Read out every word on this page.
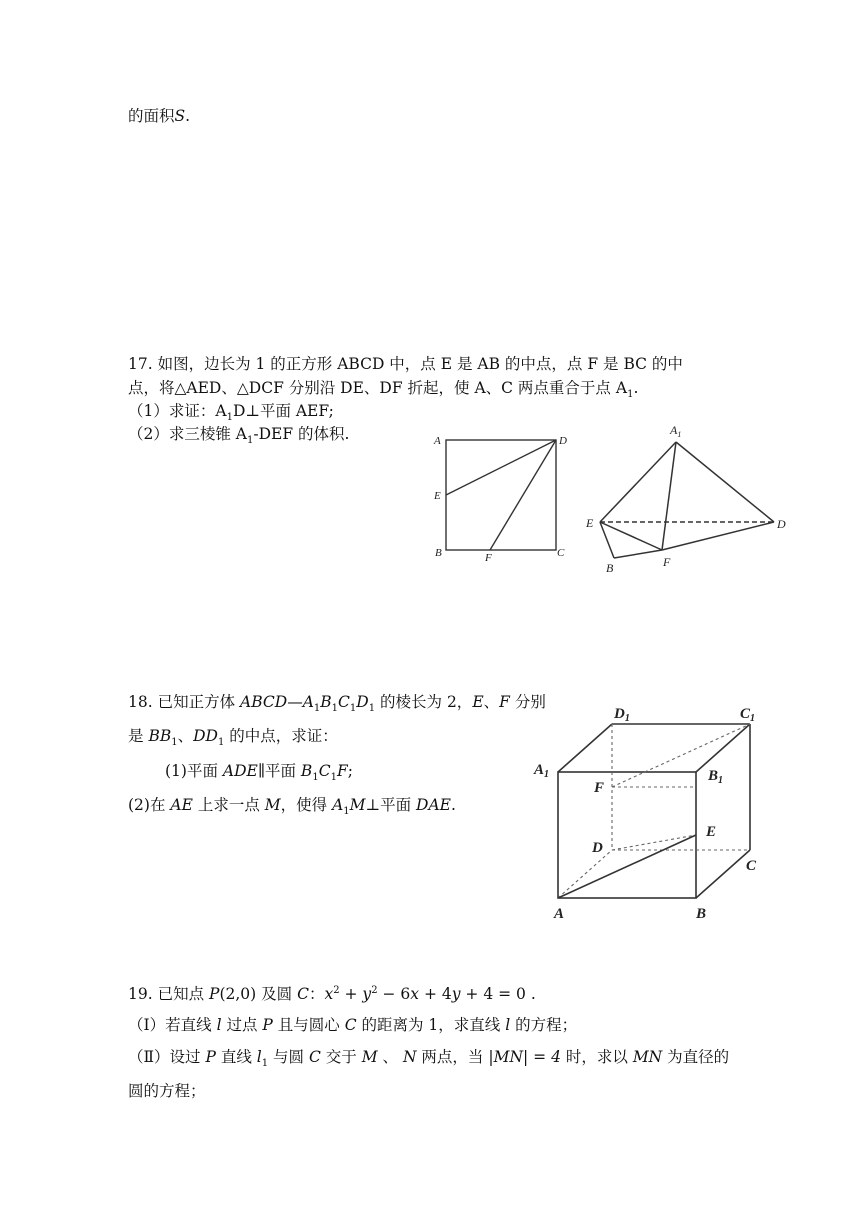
的面积S.
17. 如图，边长为 1 的正方形 ABCD 中，点 E 是 AB 的中点，点 F 是 BC 的中
点，将△AED、△DCF 分别沿 DE、DF 折起，使 A、C 两点重合于点 $A_1$.
（1）求证：$A_1D\perp$平面 AEF;
（2）求三棱锥 $A_1$-DEF 的体积.	A	D
E
B	F	C
$A_1$
E	D
B	F
18. 已知正方体 $ABCD—A_1B_1C_1D_1$ 的棱长为 2，E、F 分别
是 $BB_1$、$DD_1$ 的中点，求证：
(1)平面 ADE∥平面 $B_1C_1F$;
(2)在 AE 上求一点 M，使得 $A_1M\perp$平面 DAE.
$D_1$	$C_1$
$A_1$	$B_1$
F
E
D
C
A	B
19. 已知点 P(2,0) 及圆 C：$x^2 + y^2 - 6x + 4y + 4 = 0$ .
（Ⅰ）若直线 l 过点 P 且与圆心 C 的距离为 1，求直线 l 的方程；
（Ⅱ）设过 P 直线 $l_1$ 与圆 C 交于 M 、 N 两点，当 |MN| = 4 时，求以 MN 为直径的
圆的方程；
